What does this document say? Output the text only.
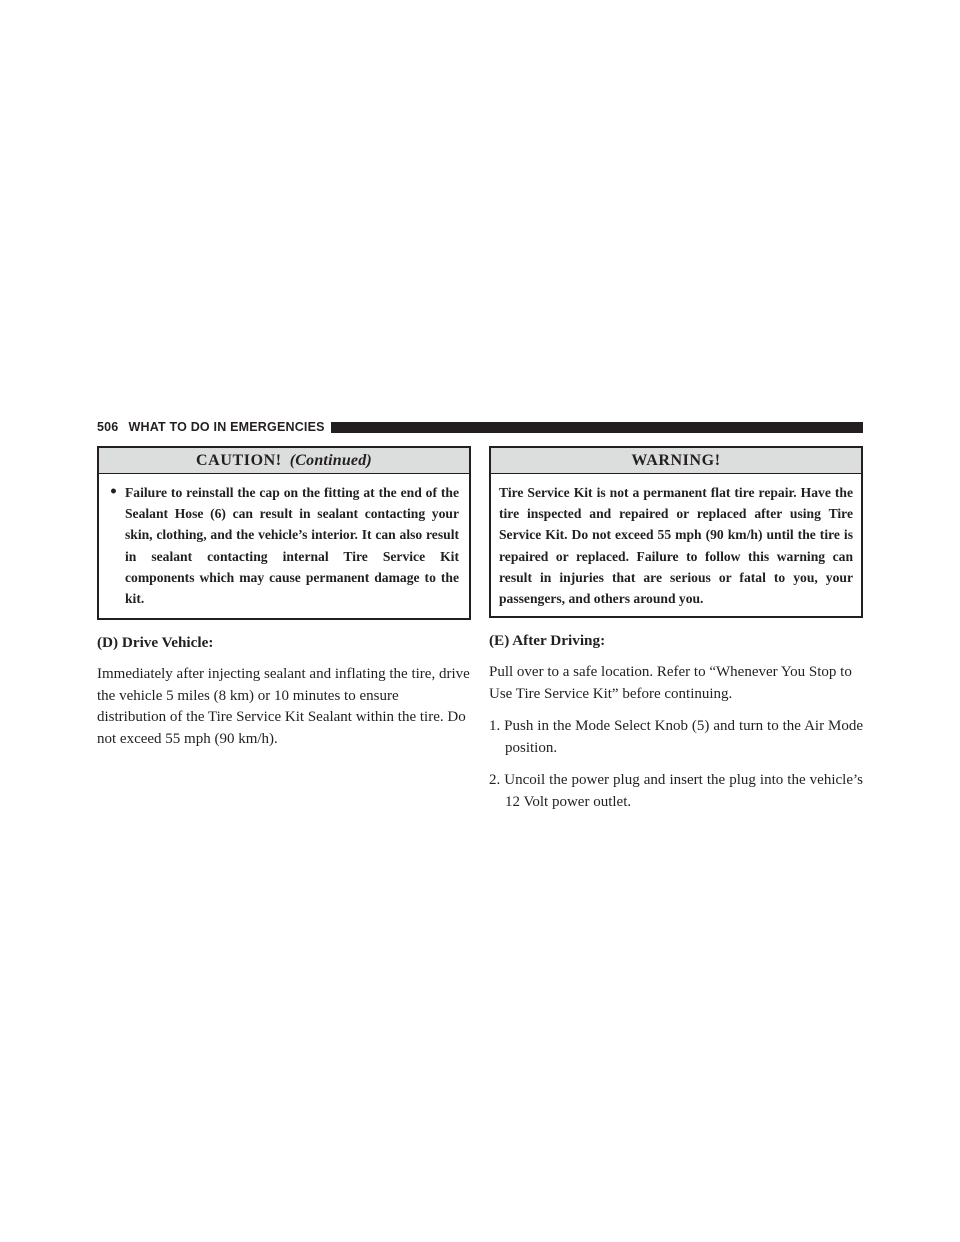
506 WHAT TO DO IN EMERGENCIES
CAUTION! (Continued)
• Failure to reinstall the cap on the fitting at the end of the Sealant Hose (6) can result in sealant contacting your skin, clothing, and the vehicle’s interior. It can also result in sealant contacting internal Tire Service Kit components which may cause permanent damage to the kit.

(D) Drive Vehicle:

Immediately after injecting sealant and inflating the tire, drive the vehicle 5 miles (8 km) or 10 minutes to ensure distribution of the Tire Service Kit Sealant within the tire. Do not exceed 55 mph (90 km/h).

WARNING!

Tire Service Kit is not a permanent flat tire repair. Have the tire inspected and repaired or replaced after using Tire Service Kit. Do not exceed 55 mph (90 km/h) until the tire is repaired or replaced. Failure to follow this warning can result in injuries that are serious or fatal to you, your passengers, and others around you.

(E) After Driving:

Pull over to a safe location. Refer to “Whenever You Stop to Use Tire Service Kit” before continuing.

1. Push in the Mode Select Knob (5) and turn to the Air Mode position.

2. Uncoil the power plug and insert the plug into the vehicle’s 12 Volt power outlet.
